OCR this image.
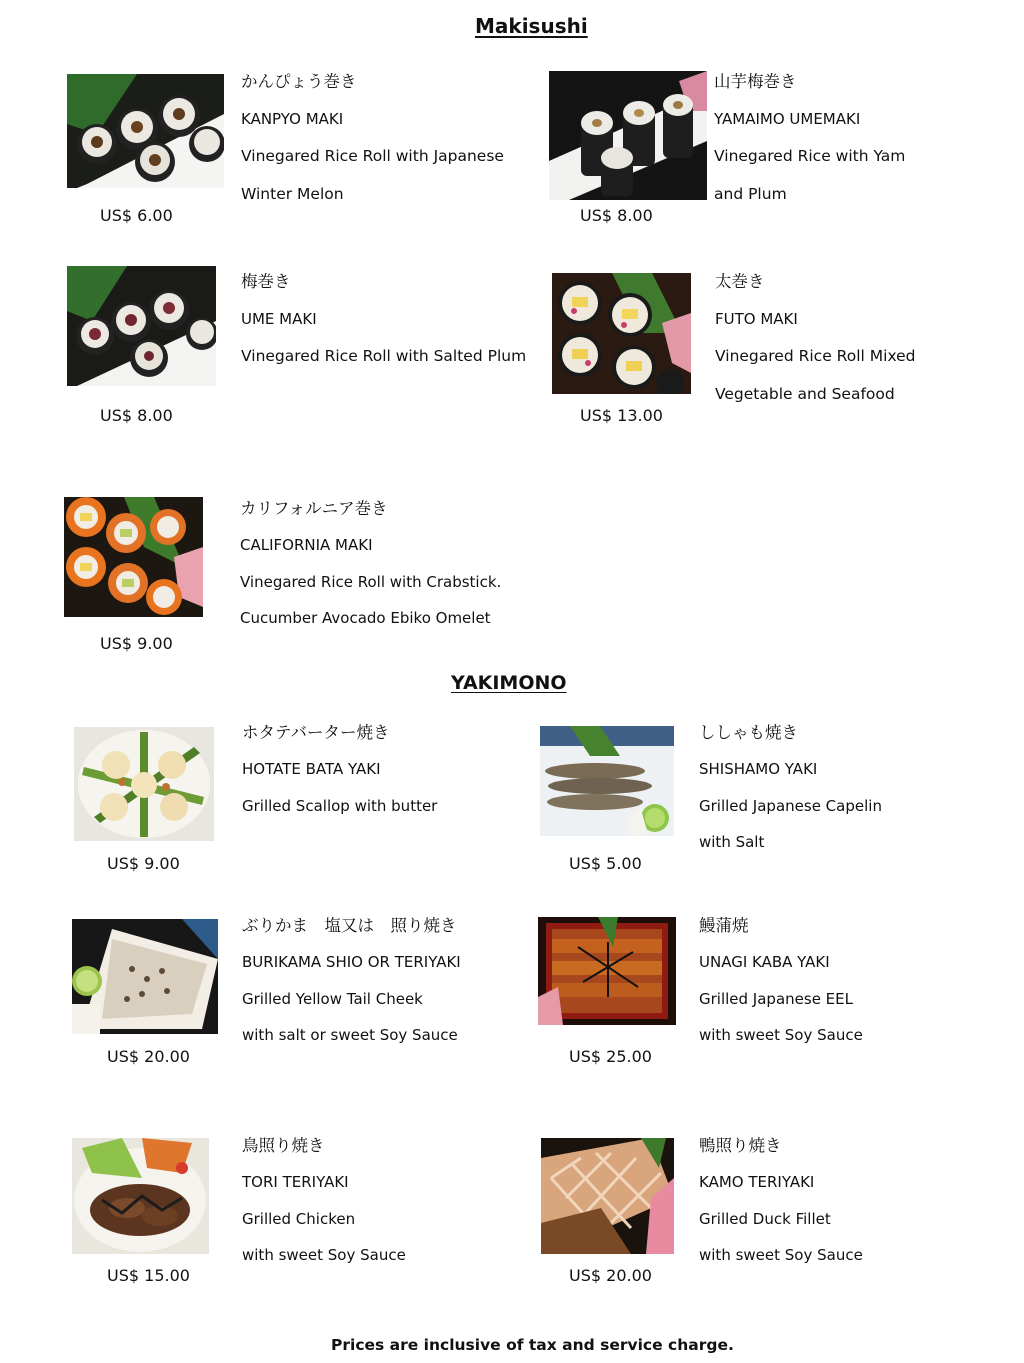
Makisushi
かんぴょう巻き
KANPYO MAKI
Vinegared Rice Roll with Japanese
Winter Melon
US$ 6.00
山芋梅巻き
YAMAIMO UMEMAKI
Vinegared Rice with Yam
and Plum
US$ 8.00
梅巻き
UME MAKI
Vinegared Rice Roll with Salted Plum
US$ 8.00
太巻き
FUTO MAKI
Vinegared Rice Roll Mixed
Vegetable and Seafood
US$ 13.00
カリフォルニア巻き
CALIFORNIA MAKI
Vinegared Rice Roll with Crabstick.
Cucumber Avocado Ebiko Omelet
US$ 9.00
YAKIMONO
ホタテバーター焼き
HOTATE BATA YAKI
Grilled Scallop with butter
US$ 9.00
ししゃも焼き
SHISHAMO YAKI
Grilled Japanese Capelin
with Salt
US$ 5.00
ぶりかま　塩又は　照り焼き
BURIKAMA SHIO OR TERIYAKI
Grilled Yellow Tail Cheek
with salt or sweet Soy Sauce
US$ 20.00
鰻蒲焼
UNAGI KABA YAKI
Grilled Japanese EEL
with sweet Soy Sauce
US$ 25.00
鳥照り焼き
TORI TERIYAKI
Grilled Chicken
with sweet Soy Sauce
US$ 15.00
鴨照り焼き
KAMO TERIYAKI
Grilled Duck Fillet
with sweet Soy Sauce
US$ 20.00
Prices are inclusive of tax and service charge.
